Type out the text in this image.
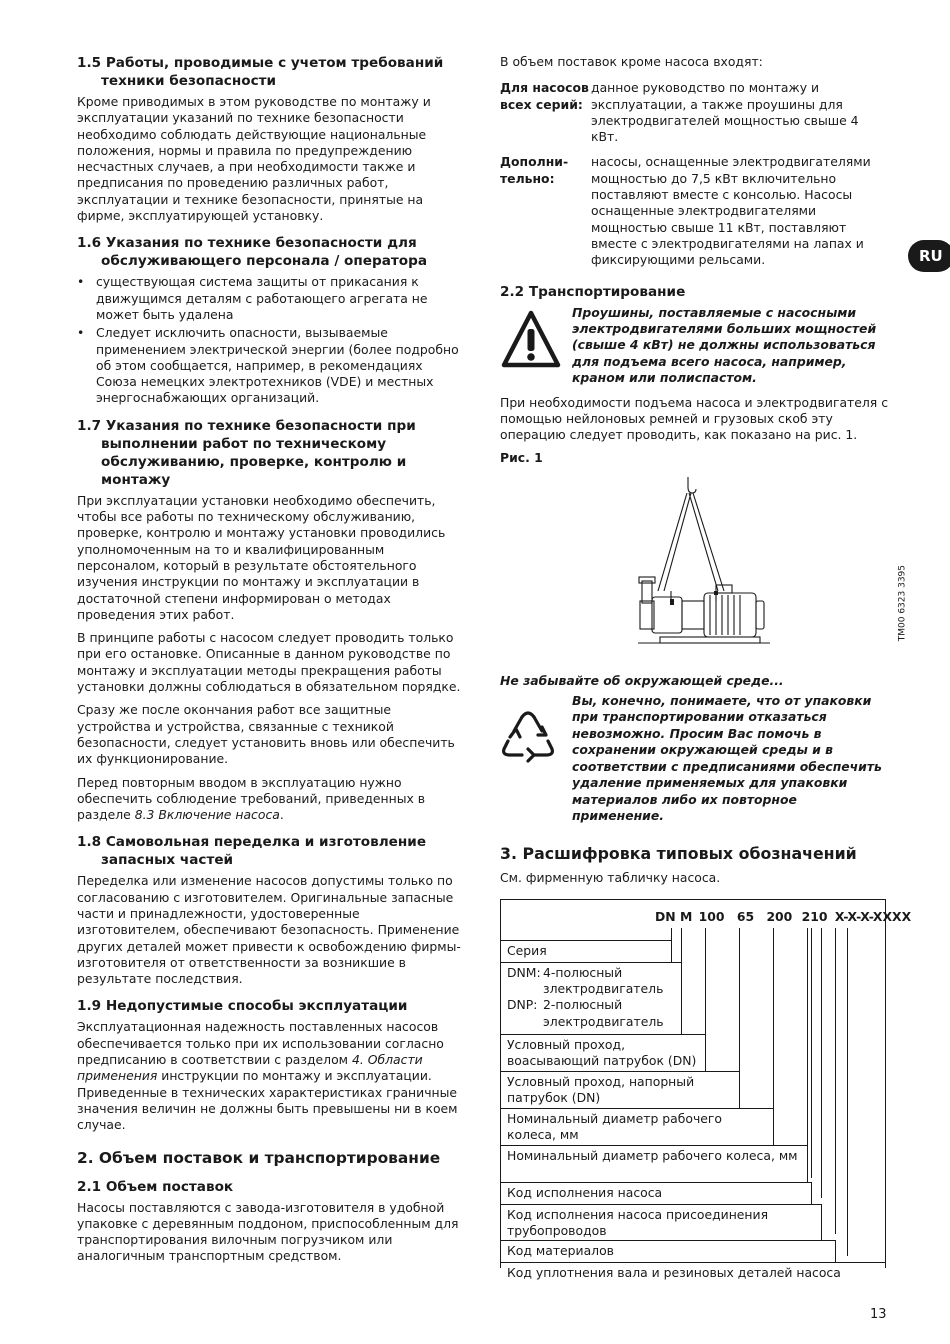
1.5 Работы, проводимые с учетом требований техники безопасности

Кроме приводимых в этом руководстве по монтажу и эксплуатации указаний по технике безопасности необходимо соблюдать действующие национальные положения, нормы и правила по предупреждению несчастных случаев, а при необходимости также и предписания по проведению различных работ, эксплуатации и технике безопасности, принятые на фирме, эксплуатирующей установку.

1.6 Указания по технике безопасности для обслуживающего персонала / оператора
• существующая система защиты от прикасания к движущимся деталям с работающего агрегата не может быть удалена
• Следует исключить опасности, вызываемые применением электрической энергии (более подробно об этом сообщается, например, в рекомендациях Союза немецких электротехников (VDE) и местных энергоснабжающих организаций.
1.7 Указания по технике безопасности при выполнении работ по техническому обслуживанию, проверке, контролю и монтажу

При эксплуатации установки необходимо обеспечить, чтобы все работы по техническому обслуживанию, проверке, контролю и монтажу установки проводились уполномоченным на то и квалифицированным персоналом, который в результате обстоятельного изучения инструкции по монтажу и эксплуатации в достаточной степени информирован о методах проведения этих работ.

В принципе работы с насосом следует проводить только при его остановке. Описанные в данном руководстве по монтажу и эксплуатации методы прекращения работы установки должны соблюдаться в обязательном порядке.

Сразу же после окончания работ все защитные устройства и устройства, связанные с техникой безопасности, следует установить вновь или обеспечить их функционирование.

Перед повторным вводом в эксплуатацию нужно обеспечить соблюдение требований, приведенных в разделе 8.3 Включение насоса.

1.8 Самовольная переделка и изготовление запасных частей

Переделка или изменение насосов допустимы только по согласованию с изготовителем. Оригинальные запасные части и принадлежности, удостоверенные изготовителем, обеспечивают безопасность. Применение других деталей может привести к освобождению фирмы-изготовителя от ответственности за возникшие в результате последствия.

1.9 Недопустимые способы эксплуатации

Эксплуатационная надежность поставленных насосов обеспечивается только при их использовании согласно предписанию в соответствии с разделом 4. Области применения инструкции по монтажу и эксплуатации. Приведенные в технических характеристиках граничные значения величин не должны быть превышены ни в коем случае.

2. Объем поставок и транспортирование
2.1 Объем поставок

Насосы поставляются с завода-изготовителя в удобной упаковке с деревянным поддоном, приспособленным для транспортирования вилочным погрузчиком или аналогичным транспортным средством.

В объем поставок кроме насоса входят:

Для насосов всех серий:
данное руководство по монтажу и эксплуатации, а также проушины для электродвигателей мощностью свыше 4 кВт.
Дополни-тельно:
насосы, оснащенные электродвигателями мощностью до 7,5 кВт включительно поставляют вместе с консолью. Насосы оснащенные электродвигателями мощностью свыше 11 кВт, поставляют вместе с электродвигателями на лапах и фиксирующими рельсами.
2.2 Транспортирование
Проушины, поставляемые с насосными электродвигателями больших мощностей (свыше 4 кВт) не должны использоваться для подъема всего насоса, например, краном или полиспастом.

При необходимости подъема насоса и электродвигателя с помощью нейлоновых ремней и грузовых скоб эту операцию следует проводить, как показано на рис. 1.

Рис. 1

TM00 6323 3395

Не забывайте об окружающей среде...

Вы, конечно, понимаете, что от упаковки при транспортировании отказаться невозможно. Просим Вас помочь в сохранении окружающей среды и в соответствии с предписаниями обеспечить удаление применяемых для упаковки материалов либо их повторное применение.
3. Расшифровка типовых обозначений

См. фирменную табличку насоса.

DN M 100 65 200 210 X-X-X-XXXX
Серия
DNM: 4-полюсный злектродвигатель
DNP: 2-полюсный электродвигатель
Условный проход, воасывающий патрубок (DN)
Условный проход, напорный патрубок (DN)
Номинальный диаметр рабочего колеса, мм
Номинальный диаметр рабочего колеса, мм
Код исполнения насоса
Код исполнения насоса присоединения трубопроводов
Код материалов
Код уплотнения вала и резиновых деталей насоса
RU
13
